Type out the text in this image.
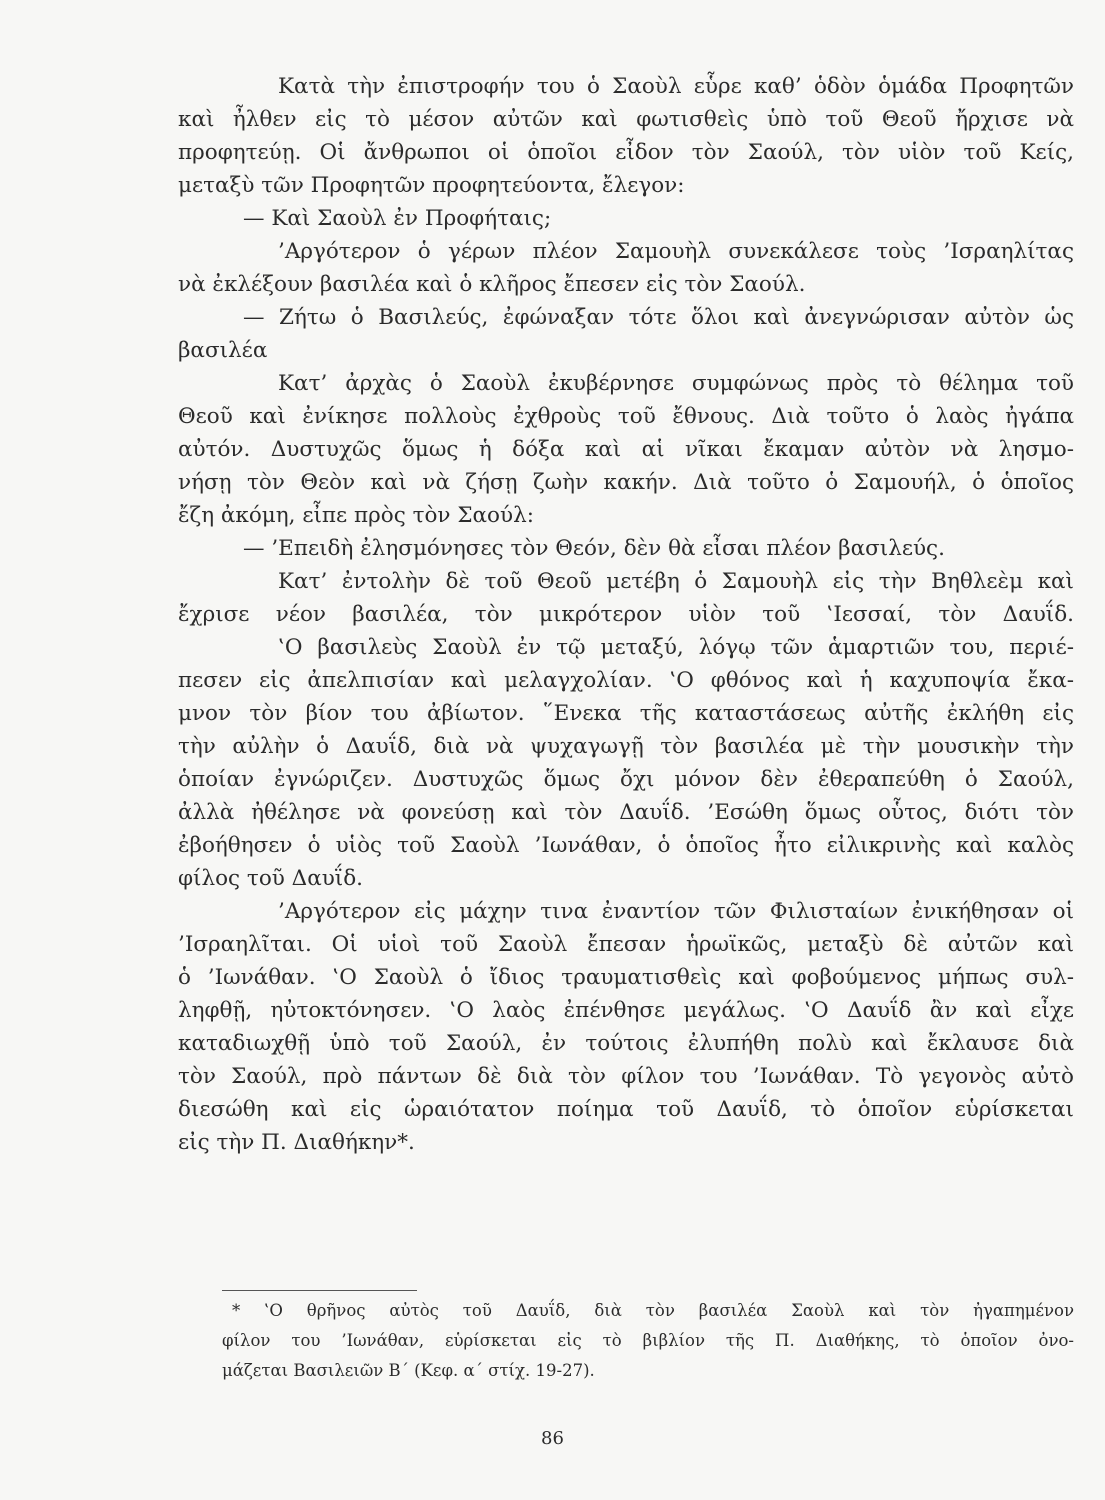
Κατὰ τὴν ἐπιστροφήν του ὁ Σαοὺλ εὗρε καθ’ ὁδὸν ὁμάδα Προφητῶν
καὶ ἦλθεν εἰς τὸ μέσον αὐτῶν καὶ φωτισθεὶς ὑπὸ τοῦ Θεοῦ ἤρχισε νὰ
προφητεύῃ. Οἱ ἄνθρωποι οἱ ὁποῖοι εἶδον τὸν Σαούλ, τὸν υἱὸν τοῦ Κείς,
μεταξὺ τῶν Προφητῶν προφητεύοντα, ἔλεγον:
— Καὶ Σαοὺλ ἐν Προφήταις;
’Αργότερον ὁ γέρων πλέον Σαμουὴλ συνεκάλεσε τοὺς ’Ισραηλίτας
νὰ ἐκλέξουν βασιλέα καὶ ὁ κλῆρος ἔπεσεν εἰς τὸν Σαούλ.
— Ζήτω ὁ Βασιλεύς, ἐφώναξαν τότε ὅλοι καὶ ἀνεγνώρισαν αὐτὸν ὡς
βασιλέα
Κατ’ ἀρχὰς ὁ Σαοὺλ ἐκυβέρνησε συμφώνως πρὸς τὸ θέλημα τοῦ
Θεοῦ καὶ ἐνίκησε πολλοὺς ἐχθροὺς τοῦ ἔθνους. Διὰ τοῦτο ὁ λαὸς ἠγάπα
αὐτόν. Δυστυχῶς ὅμως ἡ δόξα καὶ αἱ νῖκαι ἔκαμαν αὐτὸν νὰ λησμο-
νήσῃ τὸν Θεὸν καὶ νὰ ζήσῃ ζωὴν κακήν. Διὰ τοῦτο ὁ Σαμουήλ, ὁ ὁποῖος
ἔζη ἀκόμη, εἶπε πρὸς τὸν Σαούλ:
— ’Επειδὴ ἐλησμόνησες τὸν Θεόν, δὲν θὰ εἶσαι πλέον βασιλεύς.
Κατ’ ἐντολὴν δὲ τοῦ Θεοῦ μετέβη ὁ Σαμουὴλ εἰς τὴν Βηθλεὲμ καὶ
ἔχρισε νέον βασιλέα, τὸν μικρότερον υἱὸν τοῦ ‛Ιεσσαί, τὸν Δαυΐδ.
‛Ο βασιλεὺς Σαοὺλ ἐν τῷ μεταξύ, λόγῳ τῶν ἁμαρτιῶν του, περιέ-
πεσεν εἰς ἀπελπισίαν καὶ μελαγχολίαν. ‛Ο φθόνος καὶ ἡ καχυποψία ἔκα-
μνον τὸν βίον του ἀβίωτον. ῞Ενεκα τῆς καταστάσεως αὐτῆς ἐκλήθη εἰς
τὴν αὐλὴν ὁ Δαυΐδ, διὰ νὰ ψυχαγωγῇ τὸν βασιλέα μὲ τὴν μουσικὴν τὴν
ὁποίαν ἐγνώριζεν. Δυστυχῶς ὅμως ὄχι μόνον δὲν ἐθεραπεύθη ὁ Σαούλ,
ἀλλὰ ἠθέλησε νὰ φονεύσῃ καὶ τὸν Δαυΐδ. ’Εσώθη ὅμως οὗτος, διότι τὸν
ἐβοήθησεν ὁ υἱὸς τοῦ Σαοὺλ ’Ιωνάθαν, ὁ ὁποῖος ἦτο εἰλικρινὴς καὶ καλὸς
φίλος τοῦ Δαυΐδ.
’Αργότερον εἰς μάχην τινα ἐναντίον τῶν Φιλισταίων ἐνικήθησαν οἱ
’Ισραηλῖται. Οἱ υἱοὶ τοῦ Σαοὺλ ἔπεσαν ἡρωϊκῶς, μεταξὺ δὲ αὐτῶν καὶ
ὁ ’Ιωνάθαν. ‛Ο Σαοὺλ ὁ ἴδιος τραυματισθεὶς καὶ φοβούμενος μήπως συλ-
ληφθῇ, ηὐτοκτόνησεν. ‛Ο λαὸς ἐπένθησε μεγάλως. ‛Ο Δαυΐδ ἂν καὶ εἶχε
καταδιωχθῇ ὑπὸ τοῦ Σαούλ, ἐν τούτοις ἐλυπήθη πολὺ καὶ ἔκλαυσε διὰ
τὸν Σαούλ, πρὸ πάντων δὲ διὰ τὸν φίλον του ’Ιωνάθαν. Τὸ γεγονὸς αὐτὸ
διεσώθη καὶ εἰς ὡραιότατον ποίημα τοῦ Δαυΐδ, τὸ ὁποῖον εὑρίσκεται
εἰς τὴν Π. Διαθήκην*.
* ‛Ο θρῆνος αὐτὸς τοῦ Δαυΐδ, διὰ τὸν βασιλέα Σαοὺλ καὶ τὸν ἠγαπημένον
φίλον του ’Ιωνάθαν, εὑρίσκεται εἰς τὸ βιβλίον τῆς Π. Διαθήκης, τὸ ὁποῖον ὀνο-
μάζεται Βασιλειῶν Β´ (Κεφ. α´ στίχ. 19-27).
86
